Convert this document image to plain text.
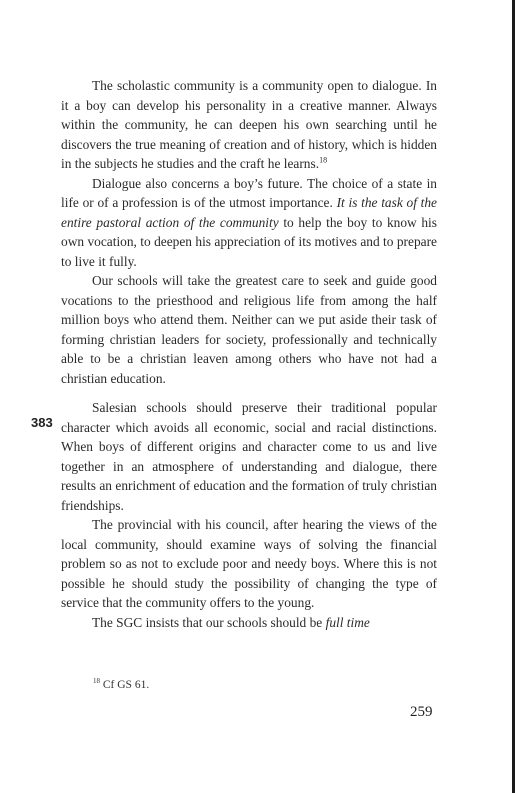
383

The scholastic community is a community open to dialogue. In it a boy can develop his personality in a creative manner. Always within the community, he can deepen his own searching until he discovers the true meaning of creation and of history, which is hidden in the subjects he studies and the craft he learns.$^{18}$

Dialogue also concerns a boy’s future. The choice of a state in life or of a profession is of the utmost importance. It is the task of the entire pastoral action of the community to help the boy to know his own vocation, to deepen his appreciation of its motives and to prepare to live it fully.

Our schools will take the greatest care to seek and guide good vocations to the priesthood and religious life from among the half million boys who attend them. Neither can we put aside their task of forming christian leaders for society, professionally and technically able to be a christian leaven among others who have not had a christian education.

Salesian schools should preserve their traditional popular character which avoids all economic, social and racial distinctions. When boys of different origins and character come to us and live together in an atmosphere of understanding and dialogue, there results an enrichment of education and the formation of truly christian friendships.

The provincial with his council, after hearing the views of the local community, should examine ways of solving the financial problem so as not to exclude poor and needy boys. Where this is not possible he should study the possibility of changing the type of service that the community offers to the young.

The SGC insists that our schools should be full time

$^{18}$ Cf GS 61.
259
